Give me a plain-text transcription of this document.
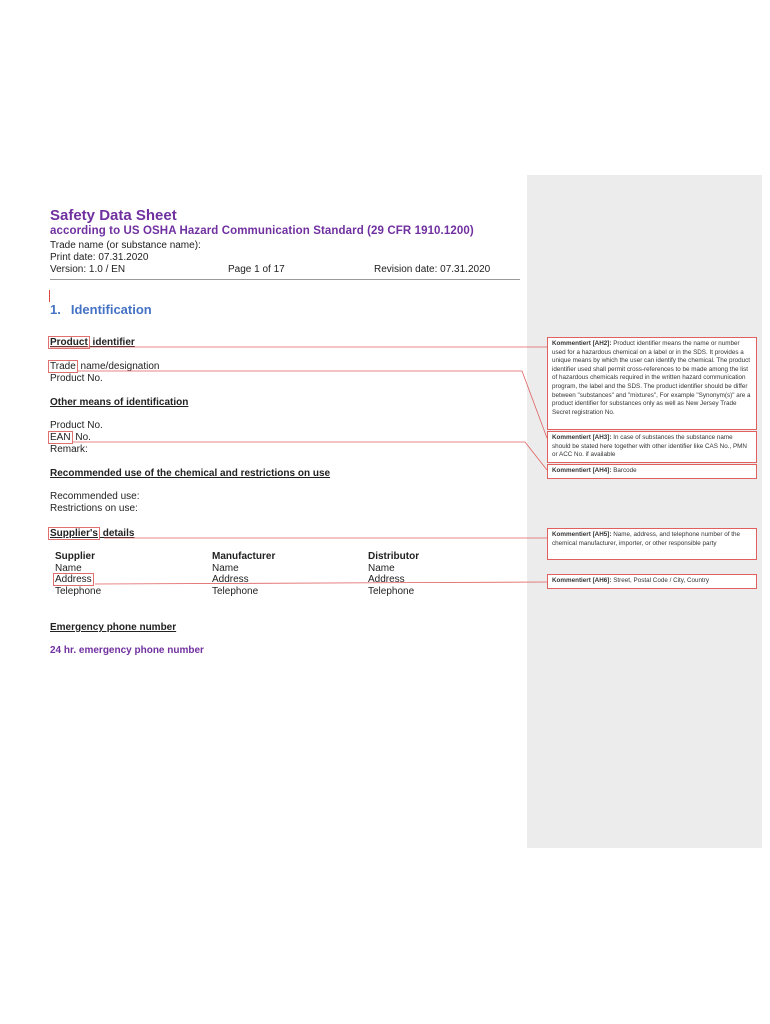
Safety Data Sheet
according to US OSHA Hazard Communication Standard (29 CFR 1910.1200)
Trade name (or substance name):
Print date: 07.31.2020
Version: 1.0 / EN	Page 1 of 17	Revision date: 07.31.2020
1. Identification
Product identifier
Trade name/designation
Product No.
Other means of identification
Product No.
EAN No.
Remark:
Recommended use of the chemical and restrictions on use
Recommended use:
Restrictions on use:
Supplier's details
Supplier
Name
Address
Telephone
Manufacturer
Name
Address
Telephone
Distributor
Name
Address
Telephone
Emergency phone number
24 hr. emergency phone number
Kommentiert [AH2]: Product identifier means the name or number used for a hazardous chemical on a label or in the SDS. It provides a unique means by which the user can identify the chemical. The product identifier used shall permit cross-references to be made among the list of hazardous chemicals required in the written hazard communication program, the label and the SDS. The product identifier should be differ between "substances" and "mixtures", For example "Synonym(s)" are a product identifier for substances only as well as New Jersey Trade Secret registration No.
Kommentiert [AH3]: In case of substances the substance name should be stated here together with other identifier like CAS No., PMN or ACC No. if available
Kommentiert [AH4]: Barcode
Kommentiert [AH5]: Name, address, and telephone number of the chemical manufacturer, importer, or other responsible party
Kommentiert [AH6]: Street, Postal Code / City, Country
